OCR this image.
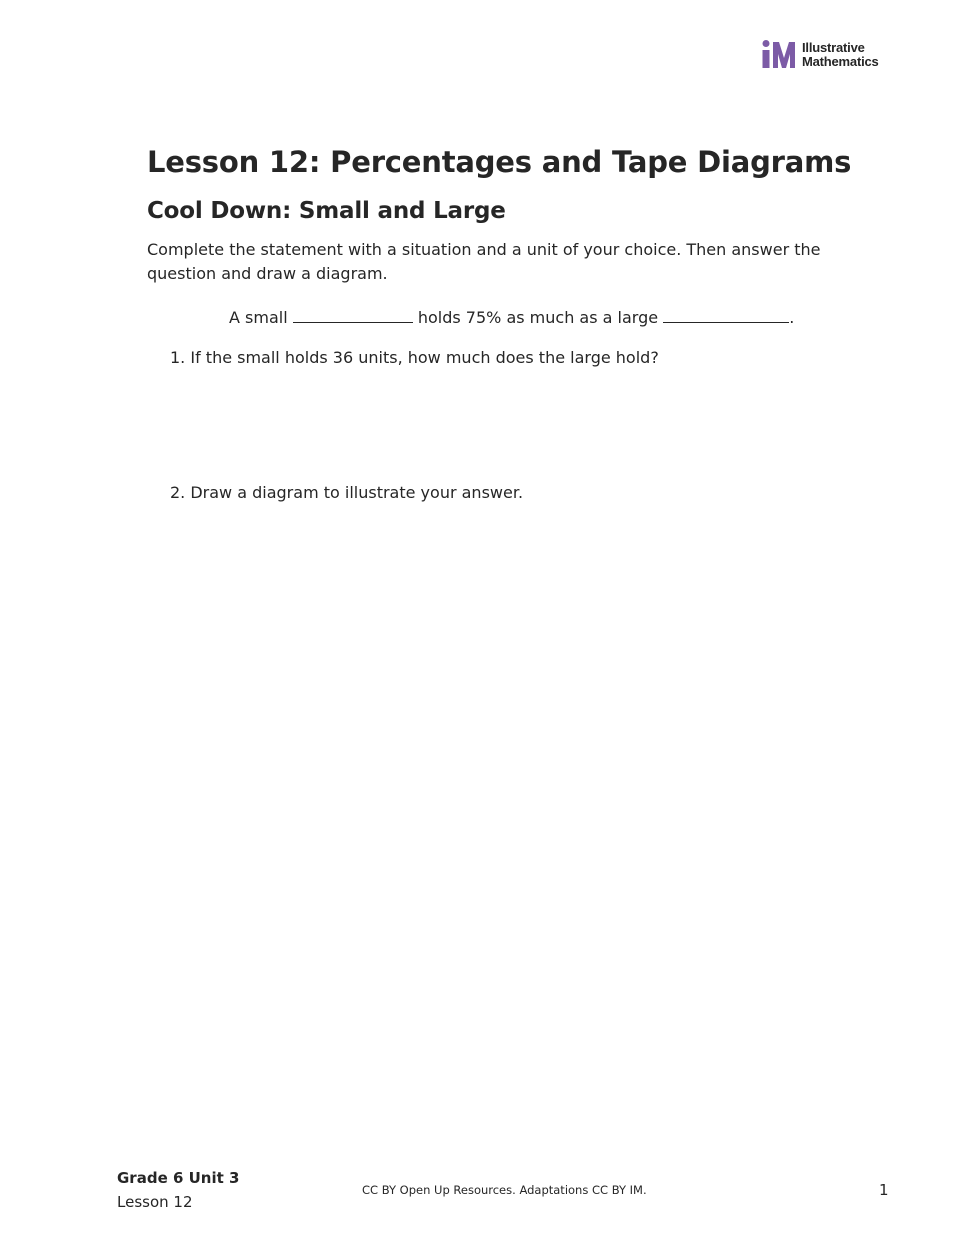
Illustrative
Mathematics
Lesson 12: Percentages and Tape Diagrams
Cool Down: Small and Large

Complete the statement with a situation and a unit of your choice. Then answer the question and draw a diagram.

A small	holds 75% as much as a large	.

1. If the small holds 36 units, how much does the large hold?

2. Draw a diagram to illustrate your answer.

Grade 6 Unit 3
Lesson 12
CC BY Open Up Resources. Adaptations CC BY IM.	1
